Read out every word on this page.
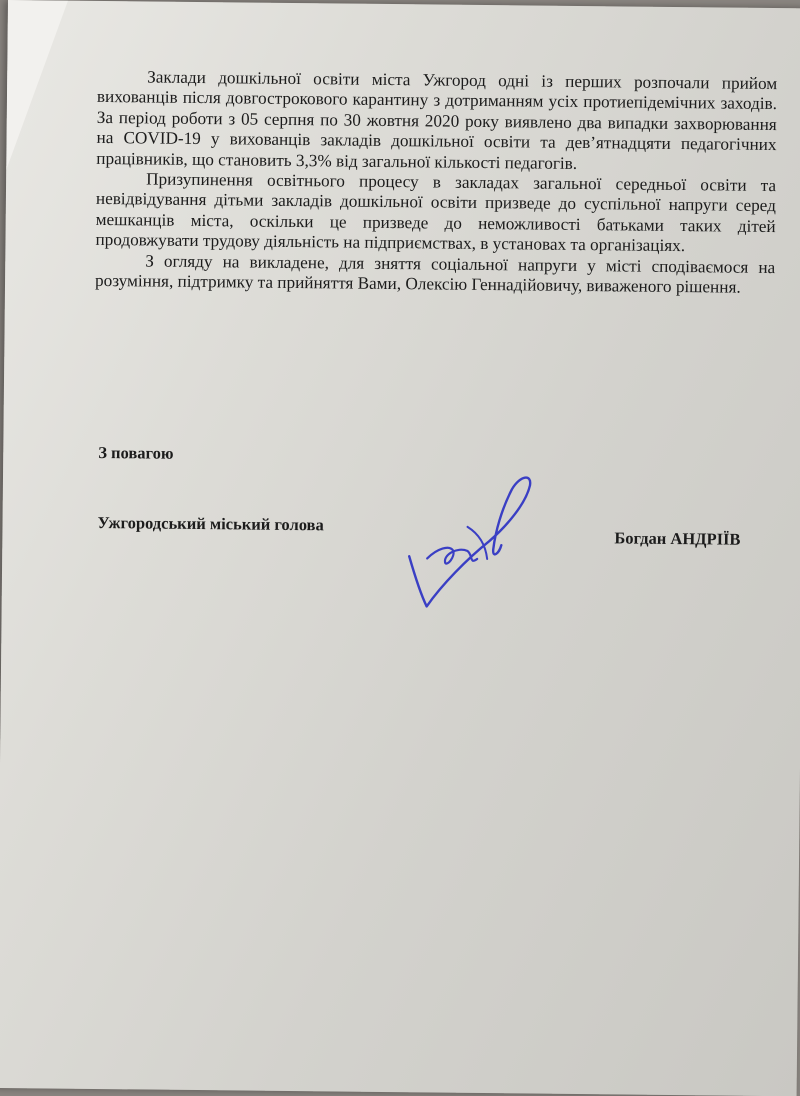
Заклади дошкільної освіти міста Ужгород одні із перших розпочали прийом вихованців після довгострокового карантину з дотриманням усіх протиепідемічних заходів. За період роботи з 05 серпня по 30 жовтня 2020 року виявлено два випадки захворювання на COVID-19 у вихованців закладів дошкільної освіти та дев’ятнадцяти педагогічних працівників, що становить 3,3% від загальної кількості педагогів.

Призупинення освітнього процесу в закладах загальної середньої освіти та невідвідування дітьми закладів дошкільної освіти призведе до суспільної напруги серед мешканців міста, оскільки це призведе до неможливості батьками таких дітей продовжувати трудову діяльність на підприємствах, в установах та організаціях.

З огляду на викладене, для зняття соціальної напруги у місті сподіваємося на розуміння, підтримку та прийняття Вами, Олексію Геннадійовичу, виваженого рішення.

З повагою
Ужгородський міський голова
Богдан АНДРІЇВ
